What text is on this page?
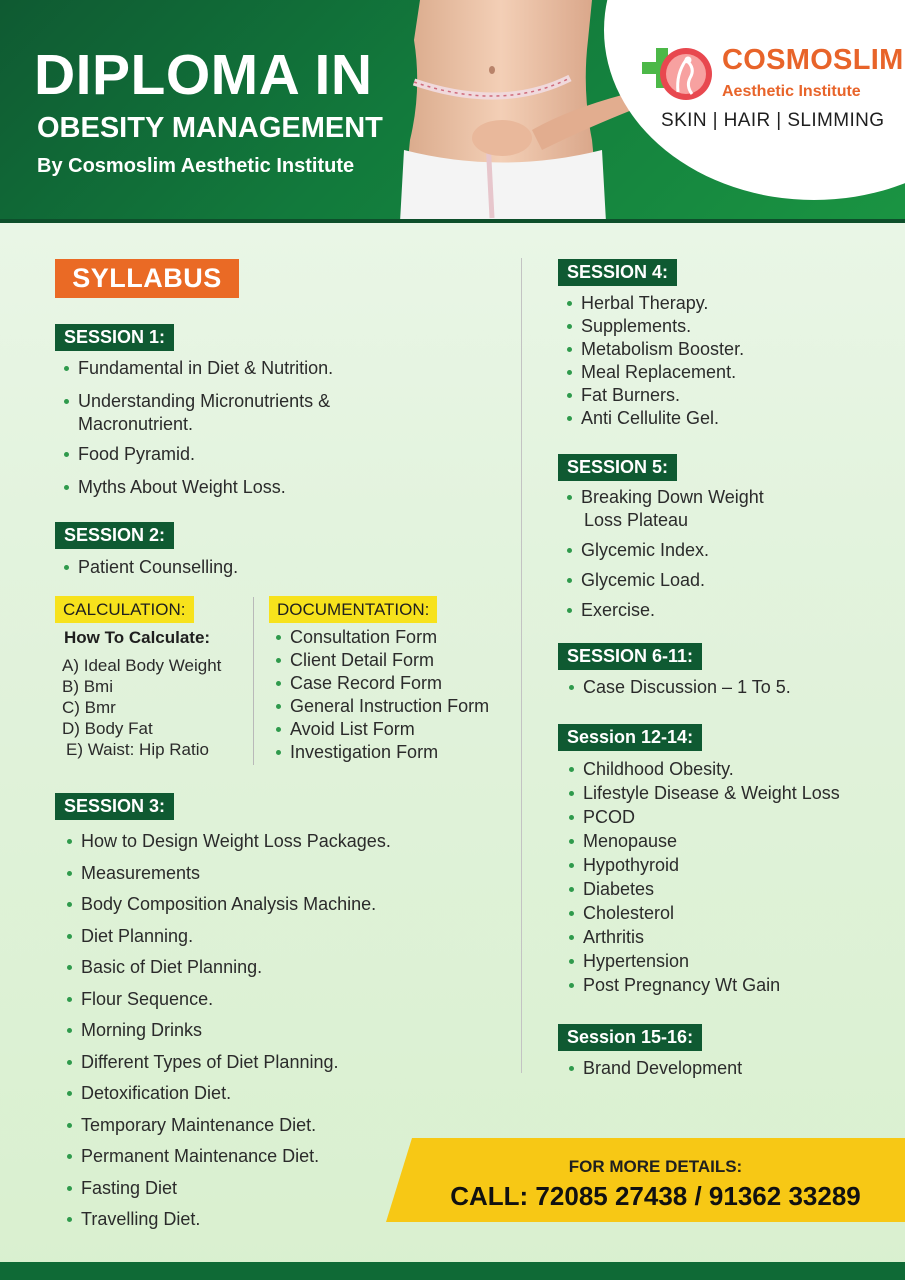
DIPLOMA IN
OBESITY MANAGEMENT
By Cosmoslim Aesthetic Institute
COSMOSLIM
Aesthetic Institute
SKIN | HAIR | SLIMMING
SYLLABUS
SESSION 1:
Fundamental in Diet & Nutrition.
Understanding Micronutrients &
Macronutrient.
Food Pyramid.
Myths About Weight Loss.
SESSION 2:
Patient Counselling.
CALCULATION:
How To Calculate:
A) Ideal Body Weight
B) Bmi
C) Bmr
D) Body Fat
E) Waist: Hip Ratio
DOCUMENTATION:
Consultation Form
Client Detail Form
Case Record Form
General Instruction Form
Avoid List Form
Investigation Form
SESSION 3:
How to Design Weight Loss Packages.
Measurements
Body Composition Analysis Machine.
Diet Planning.
Basic of Diet Planning.
Flour Sequence.
Morning Drinks
Different Types of Diet Planning.
Detoxification Diet.
Temporary Maintenance Diet.
Permanent Maintenance Diet.
Fasting Diet
Travelling Diet.
SESSION 4:
Herbal Therapy.
Supplements.
Metabolism Booster.
Meal Replacement.
Fat Burners.
Anti Cellulite Gel.
SESSION 5:
Breaking Down Weight
Loss Plateau
Glycemic Index.
Glycemic Load.
Exercise.
SESSION 6-11:
Case Discussion – 1 To 5.
Session 12-14:
Childhood Obesity.
Lifestyle Disease & Weight Loss
PCOD
Menopause
Hypothyroid
Diabetes
Cholesterol
Arthritis
Hypertension
Post Pregnancy Wt Gain
Session 15-16:
Brand Development
FOR MORE DETAILS:
CALL: 72085 27438 / 91362 33289
